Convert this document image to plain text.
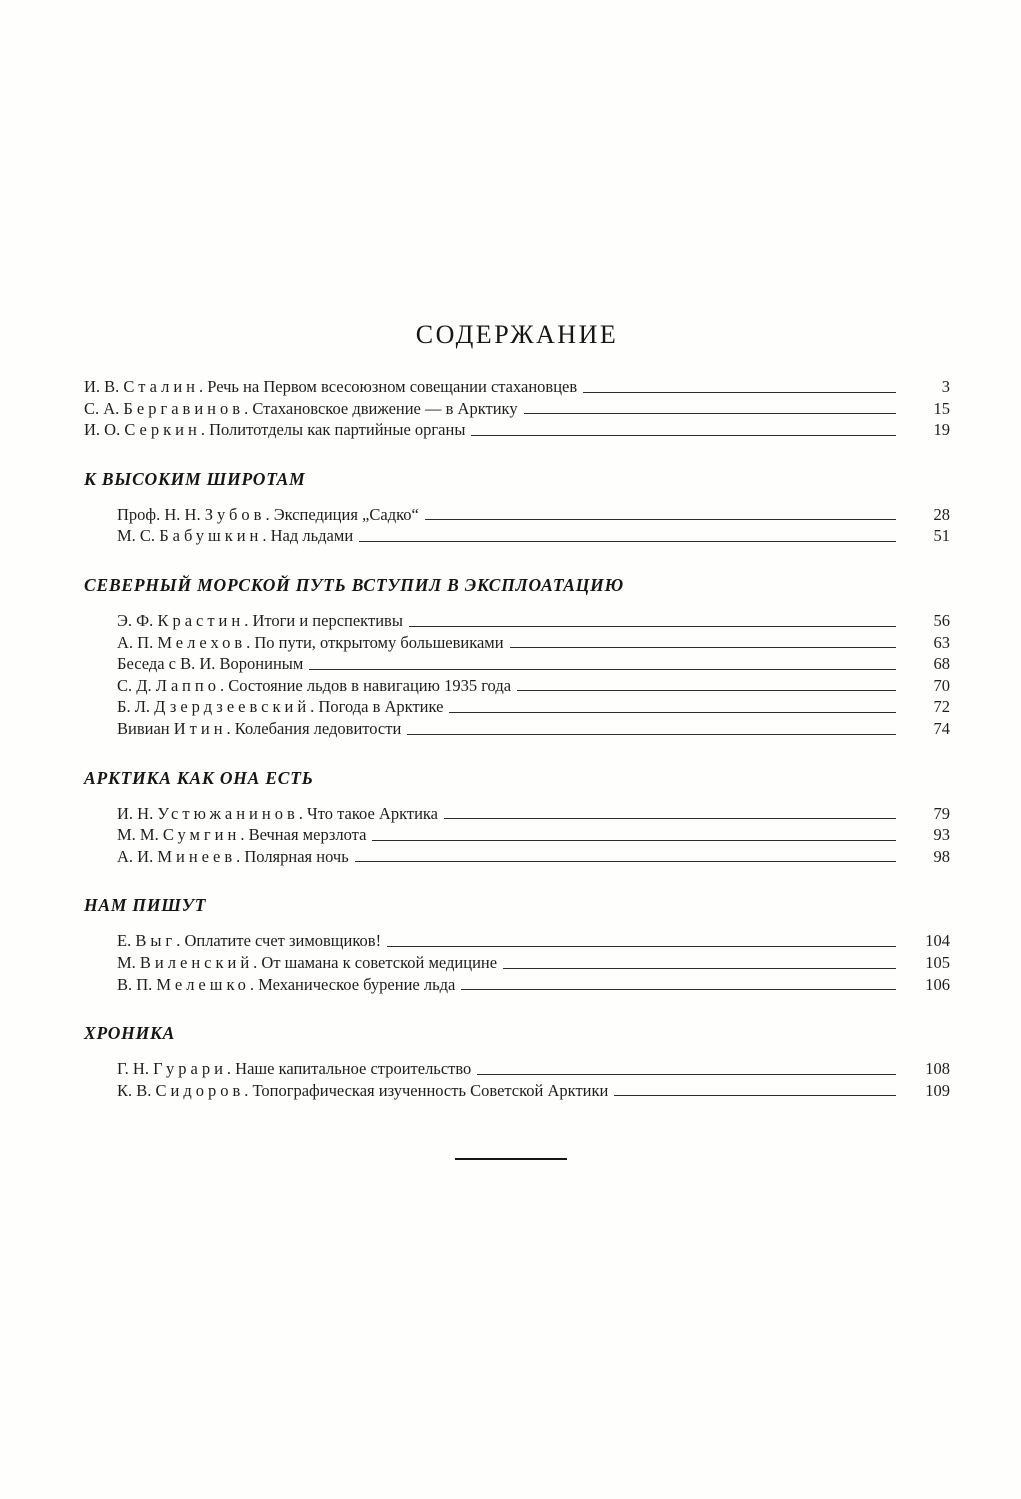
СОДЕРЖАНИЕ
И. В. Сталин. Речь на Первом всесоюзном совещании стахановцев	3
С. А. Бергавинов. Стахановское движение — в Арктику	15
И. О. Серкин. Политотделы как партийные органы	19
К ВЫСОКИМ ШИРОТАМ
Проф. Н. Н. Зубов. Экспедиция „Садко“	28
М. С. Бабушкин. Над льдами	51
СЕВЕРНЫЙ МОРСКОЙ ПУТЬ ВСТУПИЛ В ЭКСПЛОАТАЦИЮ
Э. Ф. Крастин. Итоги и перспективы	56
А. П. Мелехов. По пути, открытому большевиками	63
Беседа с В. И. Ворониным	68
С. Д. Лаппо. Состояние льдов в навигацию 1935 года	70
Б. Л. Дзердзеевский. Погода в Арктике	72
Вивиан Итин. Колебания ледовитости	74
АРКТИКА КАК ОНА ЕСТЬ
И. Н. Устюжанинов. Что такое Арктика	79
М. М. Сумгин. Вечная мерзлота	93
А. И. Минеев. Полярная ночь	98
НАМ ПИШУТ
Е. Выг. Оплатите счет зимовщиков!	104
М. Виленский. От шамана к советской медицине	105
В. П. Мелешко. Механическое бурение льда	106
ХРОНИКА
Г. Н. Гурари. Наше капитальное строительство	108
К. В. Сидоров. Топографическая изученность Советской Арктики	109
